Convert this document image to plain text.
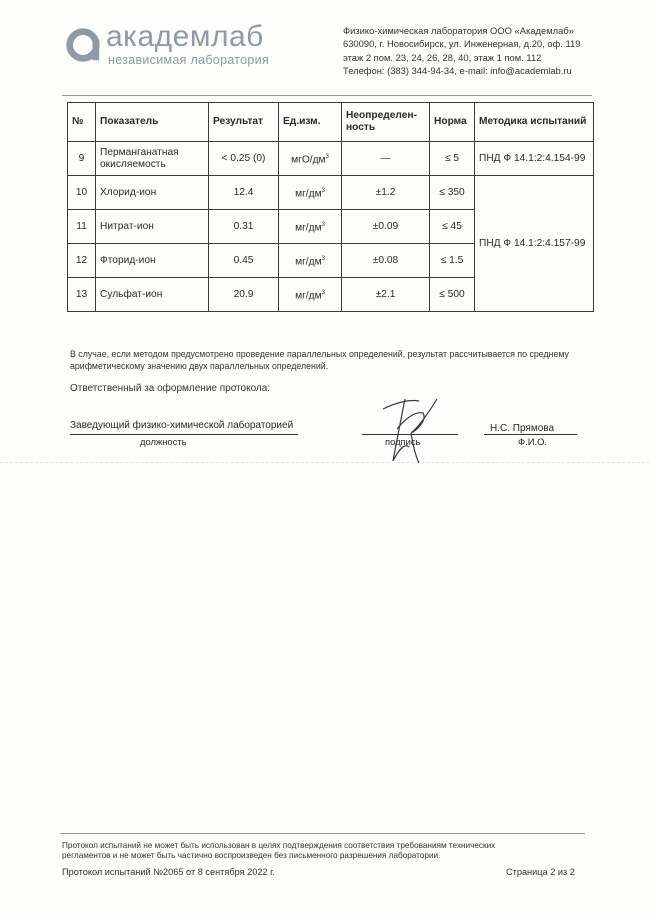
академлаб
независимая лаборатория
Физико-химическая лаборатория ООО «Академлаб»
630090, г. Новосибирск, ул. Инженерная, д.20, оф. 119
этаж 2 пом. 23, 24, 26, 28, 40, этаж 1 пом. 112
Телефон: (383) 344-94-34, e-mail: info@academlab.ru
№	Показатель	Результат	Ед.изм.	Неопределен-ность	Норма	Методика испытаний
9	Перманганатная окисляемость	< 0.25 (0)	мгО/$дм^3$	—	≤ 5	ПНД Ф 14.1:2:4.154-99
10	Хлорид-ион	12.4	$мг/дм^3$	±1.2	≤ 350	ПНД Ф 14.1:2:4.157-99
11	Нитрат-ион	0.31	$мг/дм^3$	±0.09	≤ 45	
12	Фторид-ион	0.45	$мг/дм^3$	±0.08	≤ 1.5	
13	Сульфат-ион	20.9	$мг/дм^3$	±2.1	≤ 500	
В случае, если методом предусмотрено проведение параллельных определений, результат рассчитывается по среднему арифметическому значению двух параллельных определений.
Ответственный за оформление протокола:
Заведующий физико-химической лабораторией
должность	подпись
Н.С. Прямова
Ф.И.О.
Протокол испытаний не может быть использован в целях подтверждения соответствия требованиям технических регламентов и не может быть частично воспроизведен без письменного разрешения лаборатории.
Протокол испытаний №2065 от 8 сентября 2022 г.	Страница 2 из 2
